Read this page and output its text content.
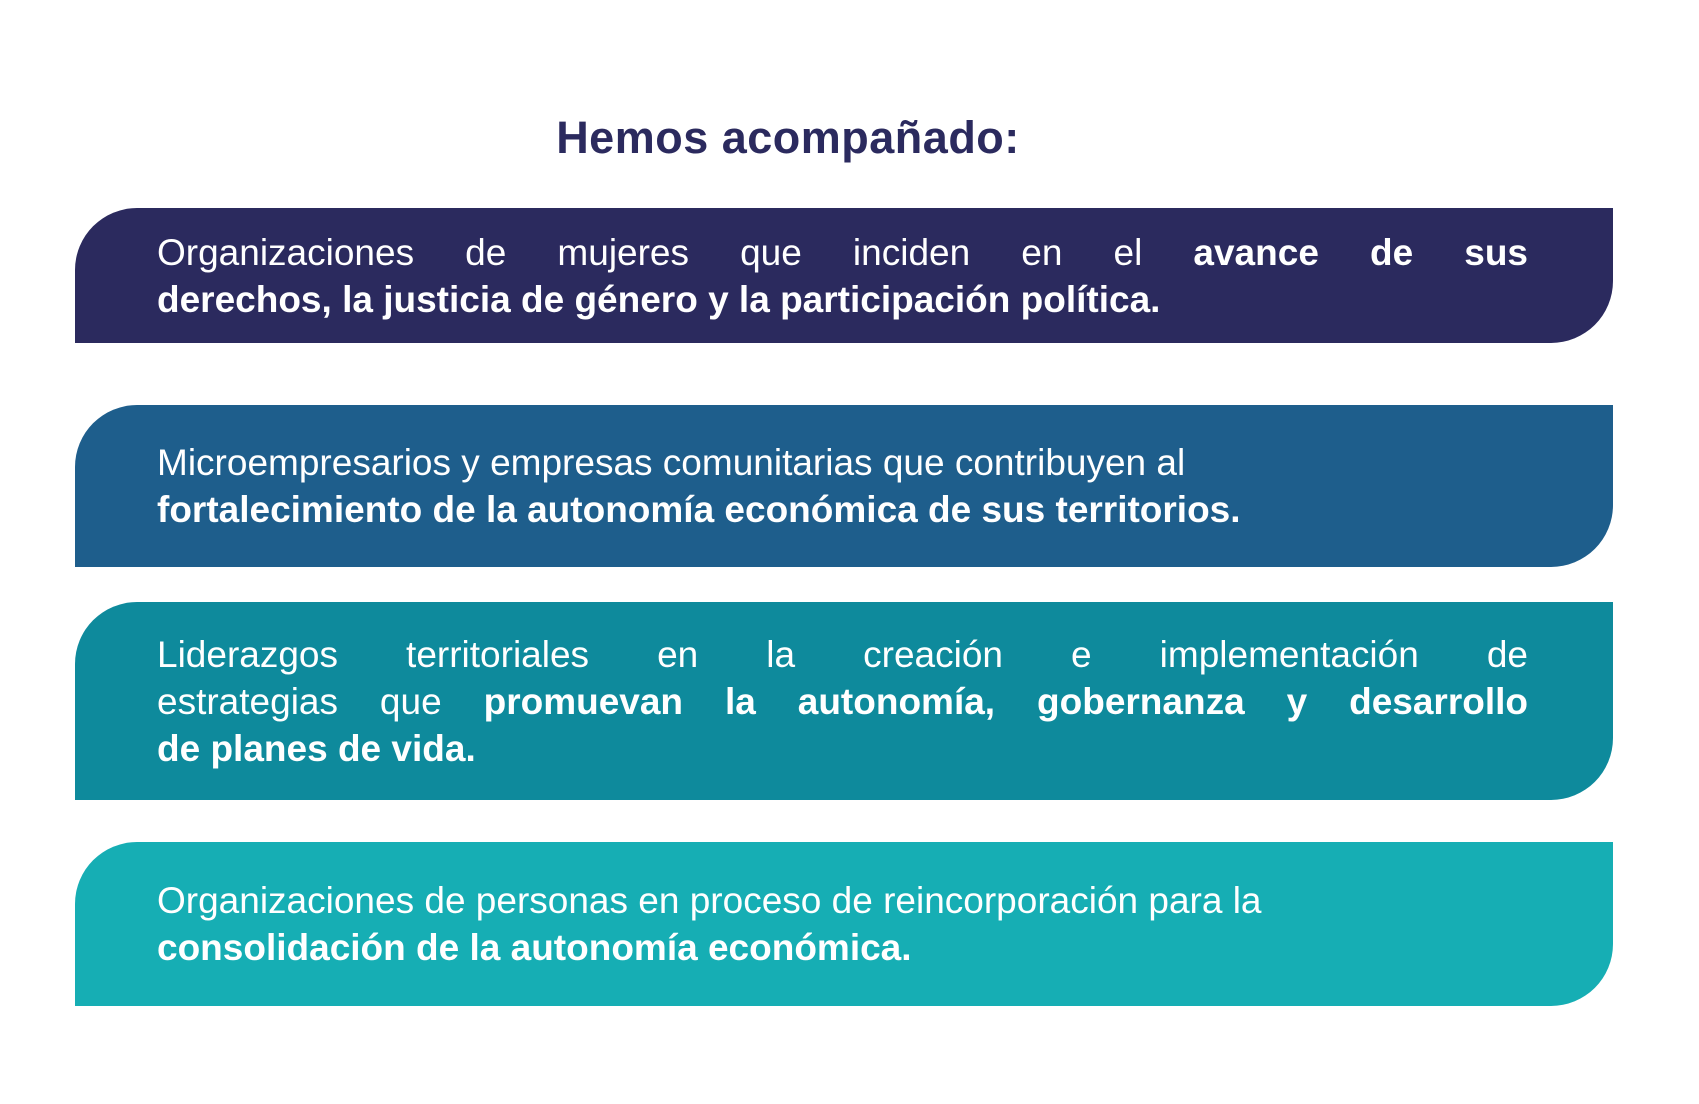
Hemos acompañado:
Organizaciones de mujeres que inciden en el avance de sus
derechos, la justicia de género y la participación política.
Microempresarios y empresas comunitarias que contribuyen al
fortalecimiento de la autonomía económica de sus territorios.
Liderazgos territoriales en la creación e implementación de
estrategias que promuevan la autonomía, gobernanza y desarrollo
de planes de vida.
Organizaciones de personas en proceso de reincorporación para la
consolidación de la autonomía económica.
